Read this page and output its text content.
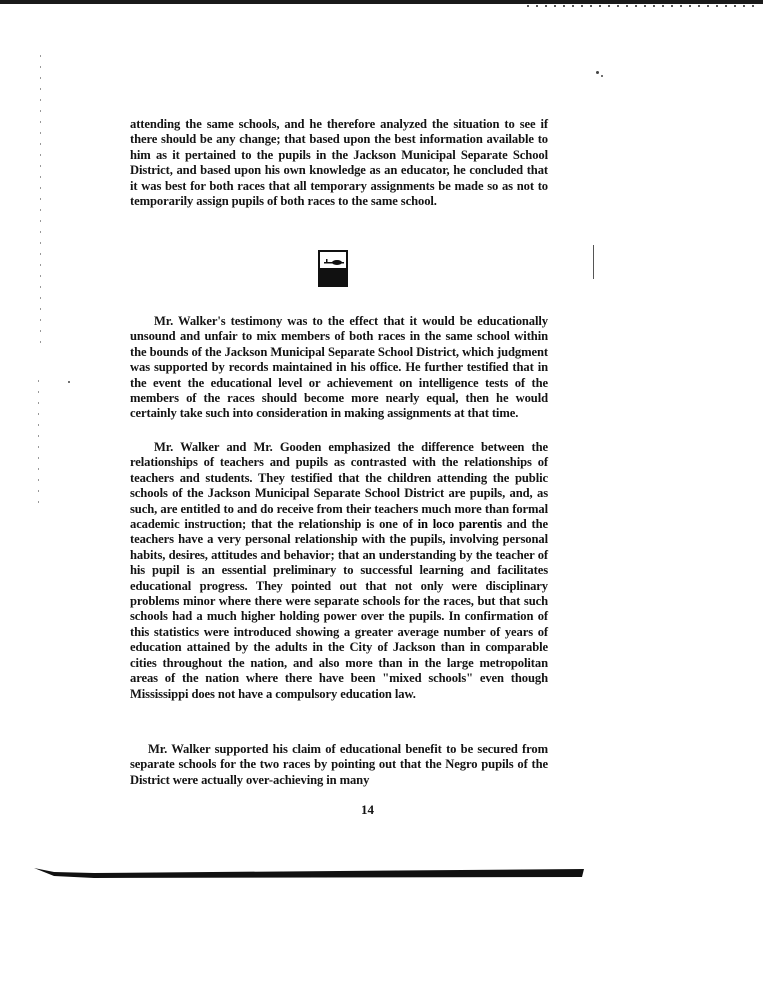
attending the same schools, and he therefore analyzed the situation to see if there should be any change; that based upon the best information available to him as it pertained to the pupils in the Jackson Municipal Separate School District, and based upon his own knowledge as an educator, he concluded that it was best for both races that all temporary assignments be made so as not to temporarily assign pupils of both races to the same school.

Mr. Walker's testimony was to the effect that it would be educationally unsound and unfair to mix members of both races in the same school within the bounds of the Jackson Municipal Separate School District, which judgment was supported by records maintained in his office. He further testified that in the event the educational level or achievement on intelligence tests of the members of the races should become more nearly equal, then he would certainly take such into consideration in making assignments at that time.

Mr. Walker and Mr. Gooden emphasized the difference between the relationships of teachers and pupils as contrasted with the relationships of teachers and students. They testified that the children attending the public schools of the Jackson Municipal Separate School District are pupils, and, as such, are entitled to and do receive from their teachers much more than formal academic instruction; that the relationship is one of in loco parentis and the teachers have a very personal relationship with the pupils, involving personal habits, desires, attitudes and behavior; that an understanding by the teacher of his pupil is an essential preliminary to successful learning and facilitates educational progress. They pointed out that not only were disciplinary problems minor where there were separate schools for the races, but that such schools had a much higher holding power over the pupils. In confirmation of this statistics were introduced showing a greater average number of years of education attained by the adults in the City of Jackson than in comparable cities throughout the nation, and also more than in the large metropolitan areas of the nation where there have been "mixed schools" even though Mississippi does not have a compulsory education law.

Mr. Walker supported his claim of educational benefit to be secured from separate schools for the two races by pointing out that the Negro pupils of the District were actually over-achieving in many

14
